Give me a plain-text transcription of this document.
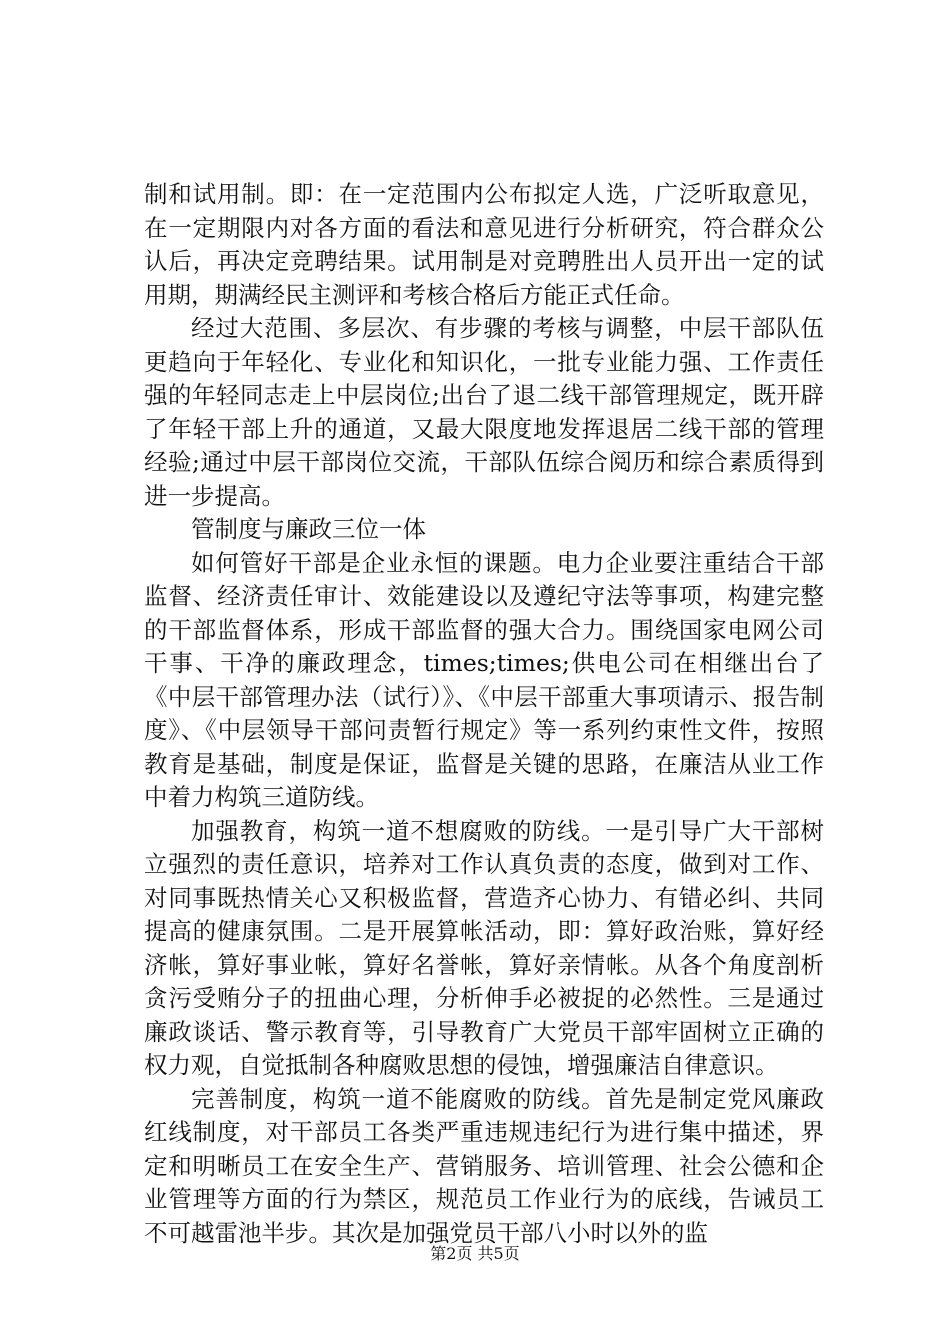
制和试用制。即：在一定范围内公布拟定人选，广泛听取意见，在一定期限内对各方面的看法和意见进行分析研究，符合群众公认后，再决定竞聘结果。试用制是对竞聘胜出人员开出一定的试用期，期满经民主测评和考核合格后方能正式任命。

经过大范围、多层次、有步骤的考核与调整，中层干部队伍更趋向于年轻化、专业化和知识化，一批专业能力强、工作责任强的年轻同志走上中层岗位;出台了退二线干部管理规定，既开辟了年轻干部上升的通道，又最大限度地发挥退居二线干部的管理经验;通过中层干部岗位交流，干部队伍综合阅历和综合素质得到进一步提高。

管制度与廉政三位一体

如何管好干部是企业永恒的课题。电力企业要注重结合干部监督、经济责任审计、效能建设以及遵纪守法等事项，构建完整的干部监督体系，形成干部监督的强大合力。围绕国家电网公司干事、干净的廉政理念，times;times;供电公司在相继出台了《中层干部管理办法（试行）》、《中层干部重大事项请示、报告制度》、《中层领导干部问责暂行规定》等一系列约束性文件，按照教育是基础，制度是保证，监督是关键的思路，在廉洁从业工作中着力构筑三道防线。

加强教育，构筑一道不想腐败的防线。一是引导广大干部树立强烈的责任意识，培养对工作认真负责的态度，做到对工作、对同事既热情关心又积极监督，营造齐心协力、有错必纠、共同提高的健康氛围。二是开展算帐活动，即：算好政治账，算好经济帐，算好事业帐，算好名誉帐，算好亲情帐。从各个角度剖析贪污受贿分子的扭曲心理，分析伸手必被捉的必然性。三是通过廉政谈话、警示教育等，引导教育广大党员干部牢固树立正确的权力观，自觉抵制各种腐败思想的侵蚀，增强廉洁自律意识。

完善制度，构筑一道不能腐败的防线。首先是制定党风廉政红线制度，对干部员工各类严重违规违纪行为进行集中描述，界定和明晰员工在安全生产、营销服务、培训管理、社会公德和企业管理等方面的行为禁区，规范员工作业行为的底线，告诫员工不可越雷池半步。其次是加强党员干部八小时以外的监

第2页 共5页
